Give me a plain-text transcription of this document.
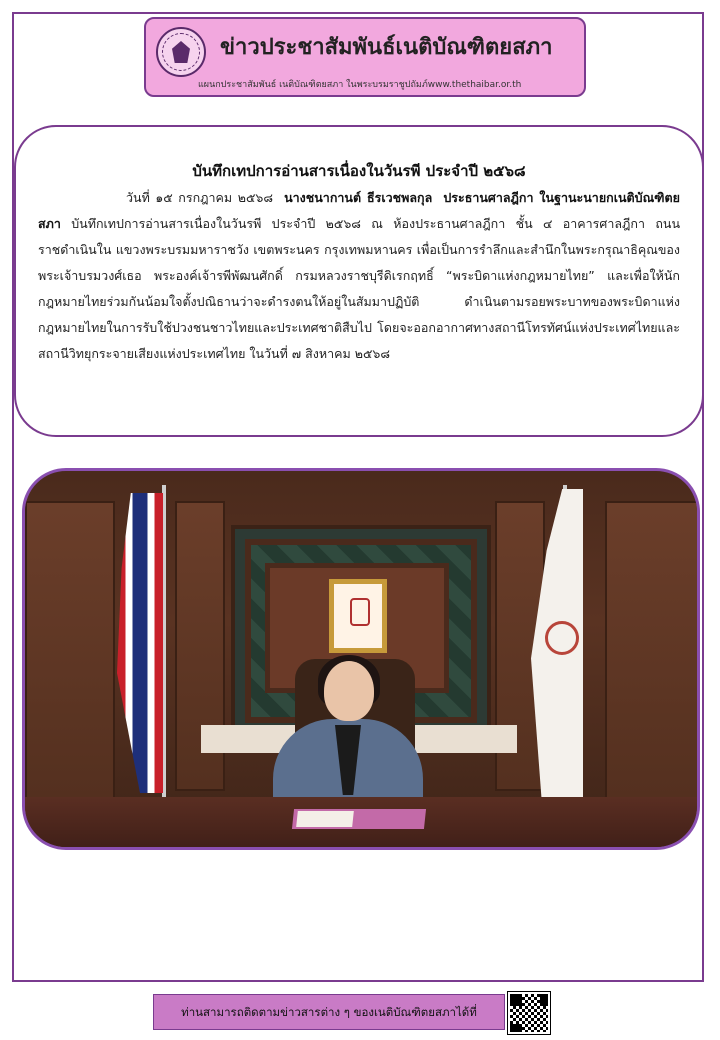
ข่าวประชาสัมพันธ์เนติบัณฑิตยสภา
แผนกประชาสัมพันธ์ เนติบัณฑิตยสภา ในพระบรมราชูปถัมภ์www.thethaibar.or.th
บันทึกเทปการอ่านสารเนื่องในวันรพี ประจำปี ๒๕๖๘
วันที่ ๑๕ กรกฎาคม ๒๕๖๘ นางชนากานต์ ธีรเวชพลกุล ประธานศาลฎีกา ในฐานะนายกเนติบัณฑิตยสภา บันทึกเทปการอ่านสารเนื่องในวันรพี ประจำปี ๒๕๖๘ ณ ห้องประธานศาลฎีกา ชั้น ๔ อาคารศาลฎีกา ถนนราชดำเนินใน แขวงพระบรมมหาราชวัง เขตพระนคร กรุงเทพมหานคร เพื่อเป็นการรำลึกและสำนึกในพระกรุณาธิคุณของพระเจ้าบรมวงศ์เธอ พระองค์เจ้ารพีพัฒนศักดิ์ กรมหลวงราชบุรีดิเรกฤทธิ์ “พระบิดาแห่งกฎหมายไทย” และเพื่อให้นักกฎหมายไทยร่วมกันน้อมใจตั้งปณิธานว่าจะดำรงตนให้อยู่ในสัมมาปฏิบัติ ดำเนินตามรอยพระบาทของพระบิดาแห่งกฎหมายไทยในการรับใช้ปวงชนชาวไทยและประเทศชาติสืบไป โดยจะออกอากาศทางสถานีโทรทัศน์แห่งประเทศไทยและสถานีวิทยุกระจายเสียงแห่งประเทศไทย ในวันที่ ๗ สิงหาคม ๒๕๖๘
ท่านสามารถติดตามข่าวสารต่าง ๆ ของเนติบัณฑิตยสภาได้ที่
